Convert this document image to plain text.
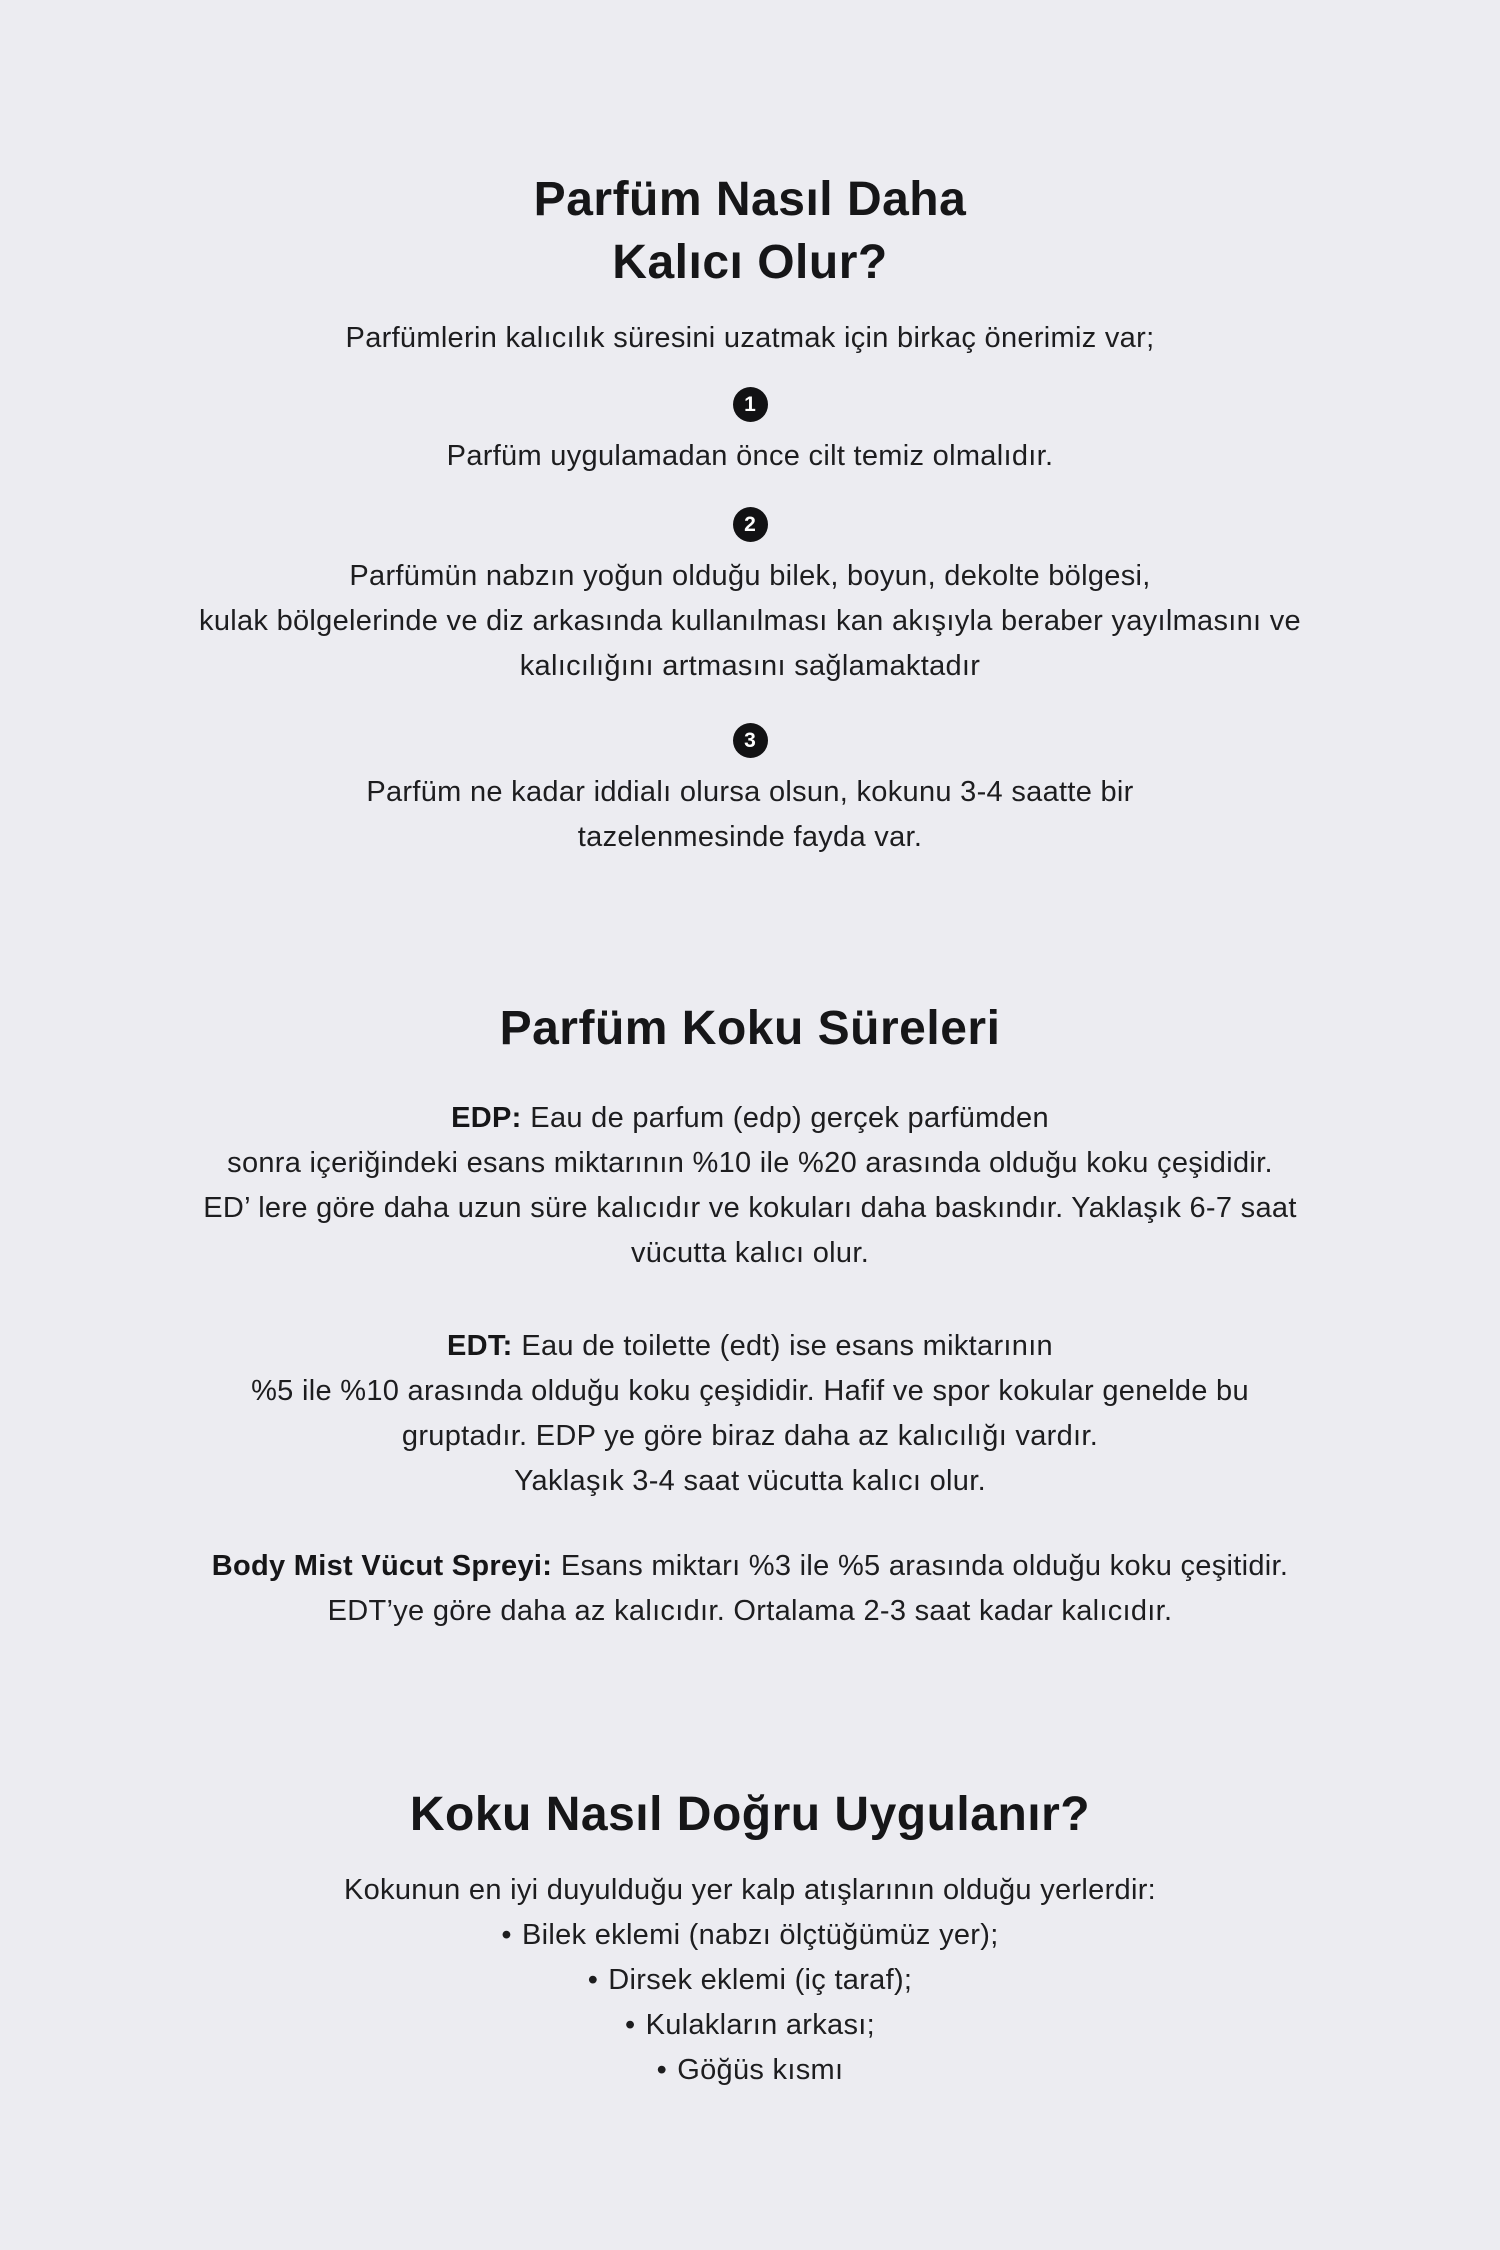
Parfüm Nasıl Daha
Kalıcı Olur?
Parfümlerin kalıcılık süresini uzatmak için birkaç önerimiz var;
1
Parfüm uygulamadan önce cilt temiz olmalıdır.
2
Parfümün nabzın yoğun olduğu bilek, boyun, dekolte bölgesi,
kulak bölgelerinde ve diz arkasında kullanılması kan akışıyla beraber yayılmasını ve
kalıcılığını artmasını sağlamaktadır
3
Parfüm ne kadar iddialı olursa olsun, kokunu 3-4 saatte bir
tazelenmesinde fayda var.
Parfüm Koku Süreleri
EDP: Eau de parfum (edp) gerçek parfümden
sonra içeriğindeki esans miktarının %10 ile %20 arasında olduğu koku çeşididir.
ED’ lere göre daha uzun süre kalıcıdır ve kokuları daha baskındır. Yaklaşık 6-7 saat
vücutta kalıcı olur.
EDT: Eau de toilette (edt) ise esans miktarının
%5 ile %10 arasında olduğu koku çeşididir. Hafif ve spor kokular genelde bu
gruptadır. EDP ye göre biraz daha az kalıcılığı vardır.
Yaklaşık 3-4 saat vücutta kalıcı olur.
Body Mist Vücut Spreyi: Esans miktarı %3 ile %5 arasında olduğu koku çeşitidir.
EDT’ye göre daha az kalıcıdır. Ortalama 2-3 saat kadar kalıcıdır.
Koku Nasıl Doğru Uygulanır?
Kokunun en iyi duyulduğu yer kalp atışlarının olduğu yerlerdir:
• Bilek eklemi (nabzı ölçtüğümüz yer);
• Dirsek eklemi (iç taraf);
• Kulakların arkası;
• Göğüs kısmı
